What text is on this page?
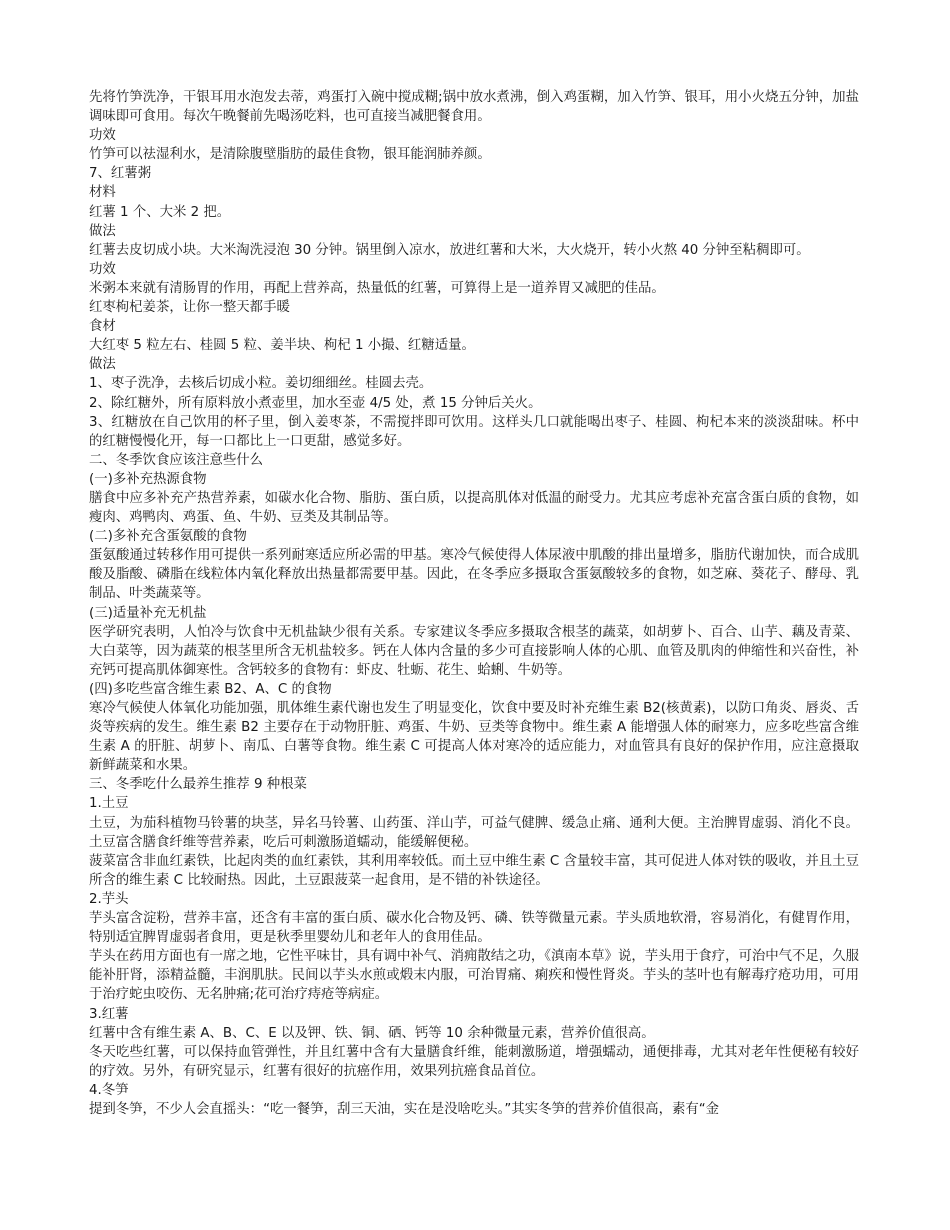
先将竹笋洗净，干银耳用水泡发去蒂，鸡蛋打入碗中搅成糊;锅中放水煮沸，倒入鸡蛋糊，加入竹笋、银耳，用小火烧五分钟，加盐调味即可食用。每次午晚餐前先喝汤吃料，也可直接当减肥餐食用。
功效
竹笋可以祛湿利水，是清除腹壁脂肪的最佳食物，银耳能润肺养颜。
7、红薯粥
材料
红薯 1 个、大米 2 把。
做法
红薯去皮切成小块。大米淘洗浸泡 30 分钟。锅里倒入凉水，放进红薯和大米，大火烧开，转小火熬 40 分钟至粘稠即可。
功效
米粥本来就有清肠胃的作用，再配上营养高，热量低的红薯，可算得上是一道养胃又减肥的佳品。
红枣枸杞姜茶，让你一整天都手暖
食材
大红枣 5 粒左右、桂圆 5 粒、姜半块、枸杞 1 小撮、红糖适量。
做法
1、枣子洗净，去核后切成小粒。姜切细细丝。桂圆去壳。
2、除红糖外，所有原料放小煮壶里，加水至壶 4/5 处，煮 15 分钟后关火。
3、红糖放在自己饮用的杯子里，倒入姜枣茶，不需搅拌即可饮用。这样头几口就能喝出枣子、桂圆、枸杞本来的淡淡甜味。杯中的红糖慢慢化开，每一口都比上一口更甜，感觉多好。
二、冬季饮食应该注意些什么
(一)多补充热源食物
膳食中应多补充产热营养素，如碳水化合物、脂肪、蛋白质，以提高肌体对低温的耐受力。尤其应考虑补充富含蛋白质的食物，如瘦肉、鸡鸭肉、鸡蛋、鱼、牛奶、豆类及其制品等。
(二)多补充含蛋氨酸的食物
蛋氨酸通过转移作用可提供一系列耐寒适应所必需的甲基。寒冷气候使得人体尿液中肌酸的排出量增多，脂肪代谢加快，而合成肌酸及脂酸、磷脂在线粒体内氧化释放出热量都需要甲基。因此，在冬季应多摄取含蛋氨酸较多的食物，如芝麻、葵花子、酵母、乳制品、叶类蔬菜等。
(三)适量补充无机盐
医学研究表明，人怕冷与饮食中无机盐缺少很有关系。专家建议冬季应多摄取含根茎的蔬菜，如胡萝卜、百合、山芋、藕及青菜、大白菜等，因为蔬菜的根茎里所含无机盐较多。钙在人体内含量的多少可直接影响人体的心肌、血管及肌肉的伸缩性和兴奋性，补充钙可提高肌体御寒性。含钙较多的食物有：虾皮、牡蛎、花生、蛤蜊、牛奶等。
(四)多吃些富含维生素 B2、A、C 的食物
寒冷气候使人体氧化功能加强，肌体维生素代谢也发生了明显变化，饮食中要及时补充维生素 B2(核黄素)，以防口角炎、唇炎、舌炎等疾病的发生。维生素 B2 主要存在于动物肝脏、鸡蛋、牛奶、豆类等食物中。维生素 A 能增强人体的耐寒力，应多吃些富含维生素 A 的肝脏、胡萝卜、南瓜、白薯等食物。维生素 C 可提高人体对寒冷的适应能力，对血管具有良好的保护作用，应注意摄取新鲜蔬菜和水果。
三、冬季吃什么最养生推荐 9 种根菜
1.土豆
土豆，为茄科植物马铃薯的块茎，异名马铃薯、山药蛋、洋山芋，可益气健脾、缓急止痛、通利大便。主治脾胃虚弱、消化不良。土豆富含膳食纤维等营养素，吃后可刺激肠道蠕动，能缓解便秘。
菠菜富含非血红素铁，比起肉类的血红素铁，其利用率较低。而土豆中维生素 C 含量较丰富，其可促进人体对铁的吸收，并且土豆所含的维生素 C 比较耐热。因此，土豆跟菠菜一起食用，是不错的补铁途径。
2.芋头
芋头富含淀粉，营养丰富，还含有丰富的蛋白质、碳水化合物及钙、磷、铁等微量元素。芋头质地软滑，容易消化，有健胃作用，特别适宜脾胃虚弱者食用，更是秋季里婴幼儿和老年人的食用佳品。
芋头在药用方面也有一席之地，它性平味甘，具有调中补气、消痈散结之功，《滇南本草》说，芋头用于食疗，可治中气不足，久服能补肝肾，添精益髓，丰润肌肤。民间以芋头水煎或煅末内服，可治胃痛、痢疾和慢性肾炎。芋头的茎叶也有解毒疗疮功用，可用于治疗蛇虫咬伤、无名肿痛;花可治疗痔疮等病症。
3.红薯
红薯中含有维生素 A、B、C、E 以及钾、铁、铜、硒、钙等 10 余种微量元素，营养价值很高。
冬天吃些红薯，可以保持血管弹性，并且红薯中含有大量膳食纤维，能刺激肠道，增强蠕动，通便排毒，尤其对老年性便秘有较好的疗效。另外，有研究显示，红薯有很好的抗癌作用，效果列抗癌食品首位。
4.冬笋
提到冬笋，不少人会直摇头：“吃一餐笋，刮三天油，实在是没啥吃头。”其实冬笋的营养价值很高，素有“金
